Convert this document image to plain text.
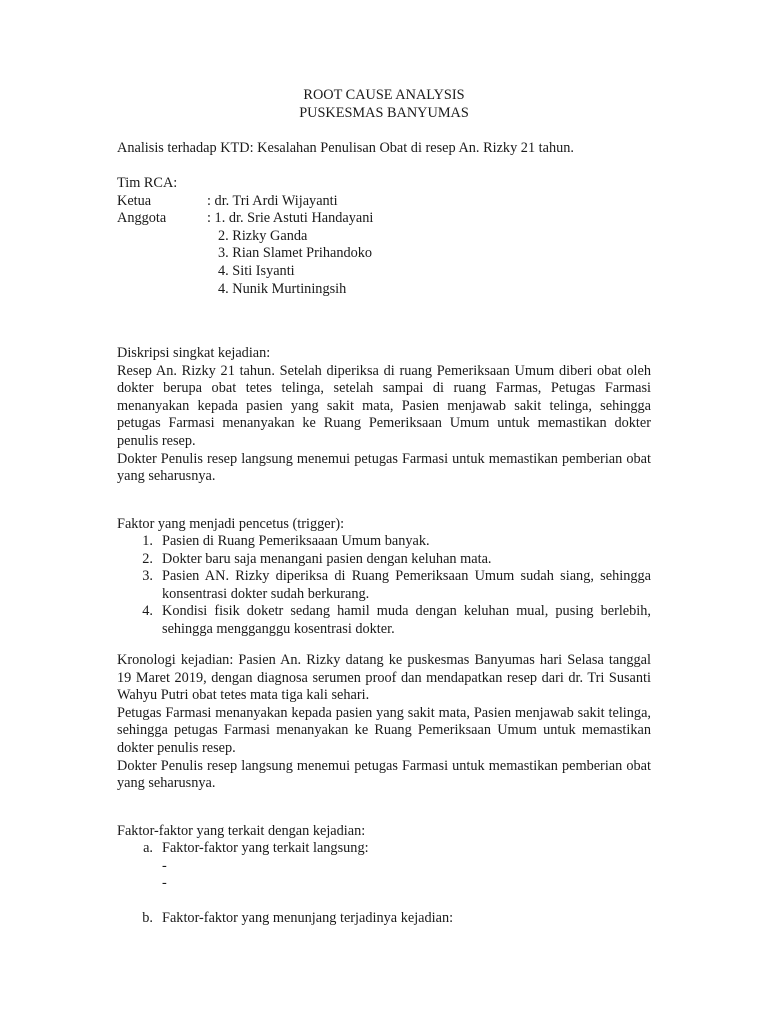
ROOT CAUSE ANALYSIS
PUSKESMAS BANYUMAS
Analisis terhadap KTD: Kesalahan Penulisan Obat di resep An. Rizky 21 tahun.
Tim RCA:
Ketua	: dr. Tri Ardi Wijayanti
Anggota	: 1. dr. Srie Astuti Handayani
2. Rizky Ganda
3. Rian Slamet Prihandoko
4. Siti Isyanti
4. Nunik Murtiningsih
Diskripsi singkat kejadian:
Resep An. Rizky 21 tahun. Setelah diperiksa di ruang Pemeriksaan Umum diberi obat oleh dokter berupa obat tetes telinga, setelah sampai di ruang Farmas, Petugas Farmasi menanyakan kepada pasien yang sakit mata, Pasien menjawab sakit telinga, sehingga petugas Farmasi menanyakan ke Ruang Pemeriksaan Umum untuk memastikan dokter penulis resep.
Dokter Penulis resep langsung menemui petugas Farmasi untuk memastikan pemberian obat yang seharusnya.
Faktor yang menjadi pencetus (trigger):
1. Pasien di Ruang Pemeriksaaan Umum banyak.
2. Dokter baru saja menangani pasien dengan keluhan mata.
3. Pasien AN. Rizky diperiksa di Ruang Pemeriksaan Umum sudah siang, sehingga konsentrasi dokter sudah berkurang.
4. Kondisi fisik doketr sedang hamil muda dengan keluhan mual, pusing berlebih, sehingga mengganggu kosentrasi dokter.
Kronologi kejadian: Pasien An. Rizky datang ke puskesmas Banyumas hari Selasa tanggal 19 Maret 2019, dengan diagnosa serumen proof dan mendapatkan resep dari dr. Tri Susanti Wahyu Putri obat tetes mata tiga kali sehari.
Petugas Farmasi menanyakan kepada pasien yang sakit mata, Pasien menjawab sakit telinga, sehingga petugas Farmasi menanyakan ke Ruang Pemeriksaan Umum untuk memastikan dokter penulis resep.
Dokter Penulis resep langsung menemui petugas Farmasi untuk memastikan pemberian obat yang seharusnya.
Faktor-faktor yang terkait dengan kejadian:
a. Faktor-faktor yang terkait langsung:
-
-
b. Faktor-faktor yang menunjang terjadinya kejadian:
